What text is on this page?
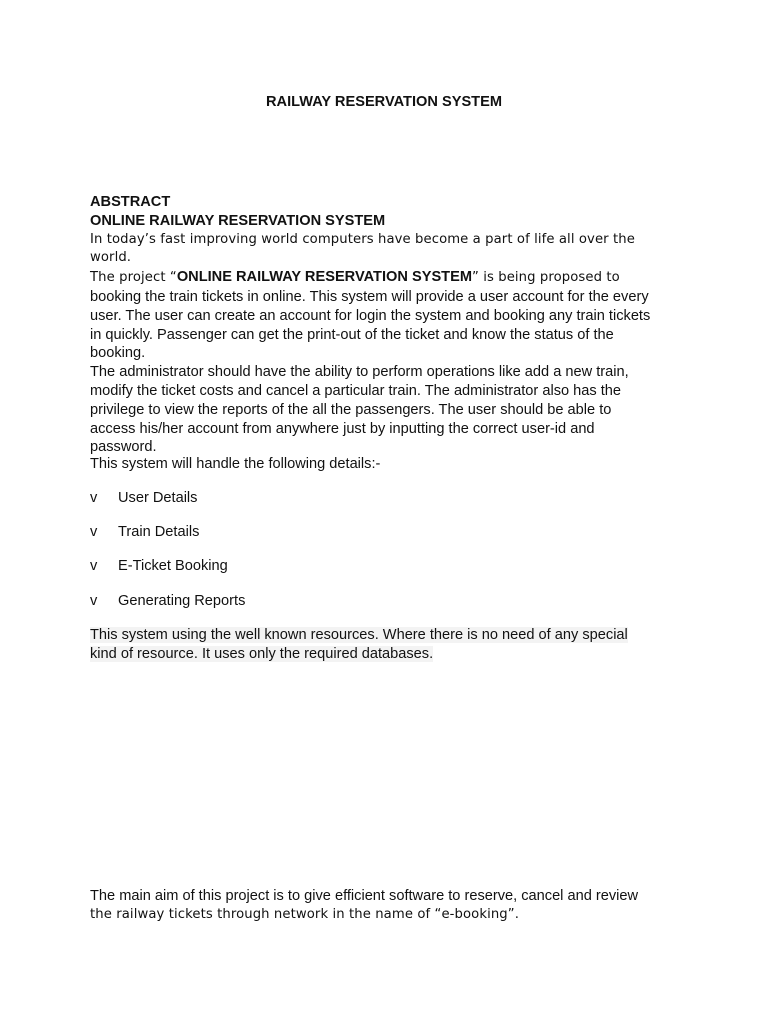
RAILWAY RESERVATION SYSTEM
ABSTRACT
ONLINE RAILWAY RESERVATION SYSTEM
In today’s fast improving world computers have become a part of life all over the world.
The project “ONLINE RAILWAY RESERVATION SYSTEM” is being proposed to
booking the train tickets in online. This system will provide a user account for the every
user. The user can create an account for login the system and booking any train tickets
in quickly. Passenger can get the print-out of the ticket and know the status of the
booking.
The administrator should have the ability to perform operations like add a new train,
modify the ticket costs and cancel a particular train. The administrator also has the
privilege to view the reports of the all the passengers. The user should be able to
access his/her account from anywhere just by inputting the correct user-id and
password.
This system will handle the following details:-
v User Details
v Train Details
v E-Ticket Booking
v Generating Reports
This system using the well known resources. Where there is no need of any special
kind of resource. It uses only the required databases.
The main aim of this project is to give efficient software to reserve, cancel and review
the railway tickets through network in the name of “e-booking”.
